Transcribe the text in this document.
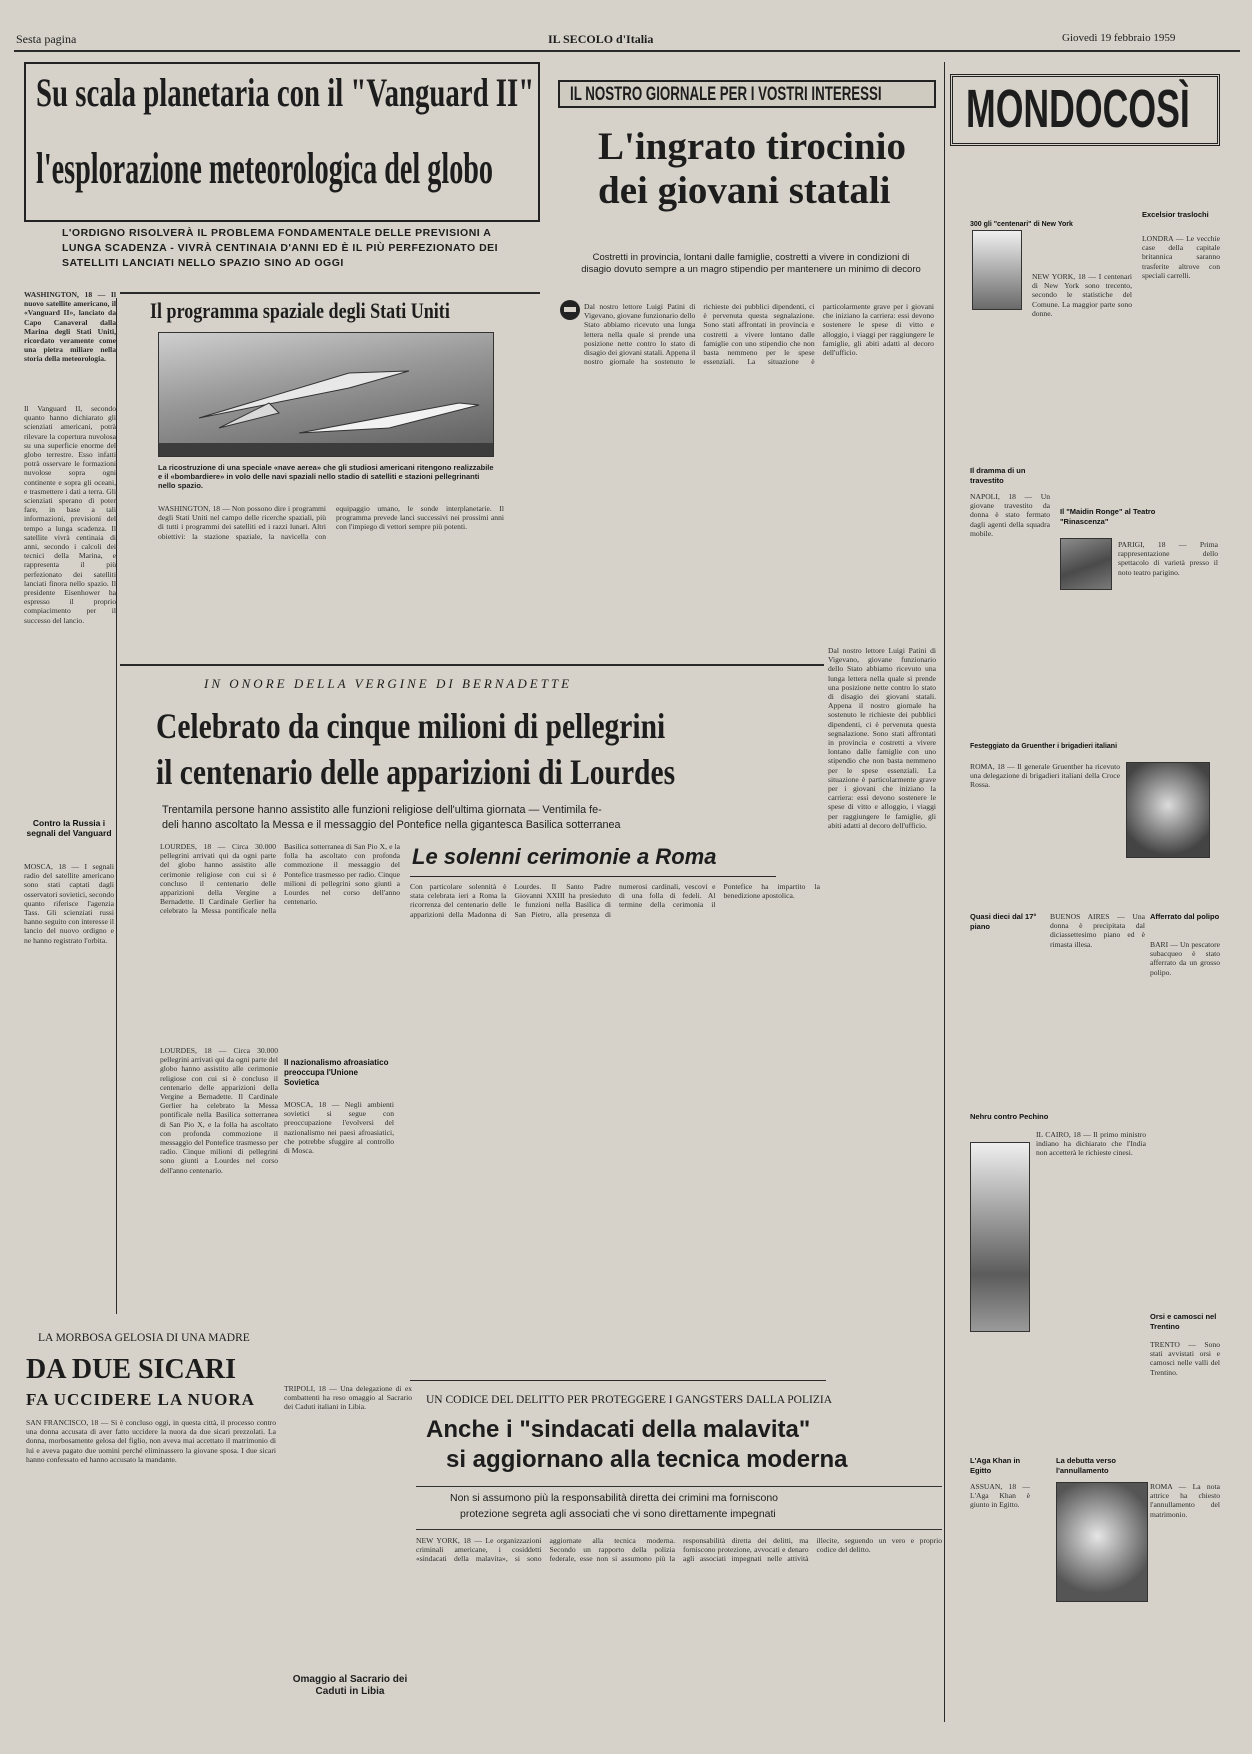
Sesta pagina	IL SECOLO d'Italia	Giovedì 19 febbraio 1959
Su scala planetaria con il "Vanguard II"
l'esplorazione meteorologica del globo
L'ORDIGNO RISOLVERÀ IL PROBLEMA FONDAMENTALE DELLE PREVISIONI A LUNGA SCADENZA - VIVRÀ CENTINAIA D'ANNI ED È IL PIÙ PERFEZIONATO DEI SATELLITI LANCIATI NELLO SPAZIO SINO AD OGGI
WASHINGTON, 18 — Il nuovo satellite americano, il «Vanguard II», lanciato da Capo Canaveral dalla Marina degli Stati Uniti, ricordato veramente come una pietra miliare nella storia della meteorologia.
Il Vanguard II, secondo quanto hanno dichiarato gli scienziati americani, potrà rilevare la copertura nuvolosa su una superficie enorme del globo terrestre. Esso infatti potrà osservare le formazioni nuvolose sopra ogni continente e sopra gli oceani, e trasmettere i dati a terra. Gli scienziati sperano di poter fare, in base a tali informazioni, previsioni del tempo a lunga scadenza. Il satellite vivrà centinaia di anni, secondo i calcoli dei tecnici della Marina, e rappresenta il più perfezionato dei satelliti lanciati finora nello spazio. Il presidente Eisenhower ha espresso il proprio compiacimento per il successo del lancio.
Il programma spaziale degli Stati Uniti
La ricostruzione di una speciale «nave aerea» che gli studiosi americani ritengono realizzabile e il «bombardiere» in volo delle navi spaziali nello stadio di satelliti e stazioni pellegrinanti nello spazio.
WASHINGTON, 18 — Non possono dire i programmi degli Stati Uniti nel campo delle ricerche spaziali, più di tutti i programmi dei satelliti ed i razzi lunari. Altri obiettivi: la stazione spaziale, la navicella con equipaggio umano, le sonde interplanetarie. Il programma prevede lanci successivi nei prossimi anni con l'impiego di vettori sempre più potenti.
Contro la Russia i segnali del Vanguard
MOSCA, 18 — I segnali radio del satellite americano sono stati captati dagli osservatori sovietici, secondo quanto riferisce l'agenzia Tass. Gli scienziati russi hanno seguito con interesse il lancio del nuovo ordigno e ne hanno registrato l'orbita.
IL NOSTRO GIORNALE PER I VOSTRI INTERESSI
L'ingrato tirocinio
dei giovani statali
Costretti in provincia, lontani dalle famiglie, costretti a vivere in condizioni di disagio dovuto sempre a un magro stipendio per mantenere un minimo di decoro
Dal nostro lettore Luigi Patini di Vigevano, giovane funzionario dello Stato abbiamo ricevuto una lunga lettera nella quale si prende una posizione nette contro lo stato di disagio dei giovani statali. Appena il nostro giornale ha sostenuto le richieste dei pubblici dipendenti, ci è pervenuta questa segnalazione. Sono stati affrontati in provincia e costretti a vivere lontano dalle famiglie con uno stipendio che non basta nemmeno per le spese essenziali. La situazione è particolarmente grave per i giovani che iniziano la carriera: essi devono sostenere le spese di vitto e alloggio, i viaggi per raggiungere le famiglie, gli abiti adatti al decoro dell'ufficio.
Dal nostro lettore Luigi Patini di Vigevano, giovane funzionario dello Stato abbiamo ricevuto una lunga lettera nella quale si prende una posizione nette contro lo stato di disagio dei giovani statali. Appena il nostro giornale ha sostenuto le richieste dei pubblici dipendenti, ci è pervenuta questa segnalazione. Sono stati affrontati in provincia e costretti a vivere lontano dalle famiglie con uno stipendio che non basta nemmeno per le spese essenziali. La situazione è particolarmente grave per i giovani che iniziano la carriera: essi devono sostenere le spese di vitto e alloggio, i viaggi per raggiungere le famiglie, gli abiti adatti al decoro dell'ufficio.
MONDOCOSÌ
300 gli "centenari" di New York
NEW YORK, 18 — I centenari di New York sono trecento, secondo le statistiche del Comune. La maggior parte sono donne.
Excelsior traslochi
LONDRA — Le vecchie case della capitale britannica saranno trasferite altrove con speciali carrelli.
Il dramma di un travestito
NAPOLI, 18 — Un giovane travestito da donna è stato fermato dagli agenti della squadra mobile.
Il "Maidin Ronge" al Teatro "Rinascenza"
PARIGI, 18 — Prima rappresentazione dello spettacolo di varietà presso il noto teatro parigino.
Festeggiato da Gruenther i brigadieri italiani
ROMA, 18 — Il generale Gruenther ha ricevuto una delegazione di brigadieri italiani della Croce Rossa.
Quasi dieci dal 17° piano
BUENOS AIRES — Una donna è precipitata dal diciassettesimo piano ed è rimasta illesa.
Afferrato dal polipo
BARI — Un pescatore subacqueo è stato afferrato da un grosso polipo.
Nehru contro Pechino
IL CAIRO, 18 — Il primo ministro indiano ha dichiarato che l'India non accetterà le richieste cinesi.
Orsi e camosci nel Trentino
TRENTO — Sono stati avvistati orsi e camosci nelle valli del Trentino.
L'Aga Khan in Egitto
ASSUAN, 18 — L'Aga Khan è giunto in Egitto.
La debutta verso l'annullamento
ROMA — La nota attrice ha chiesto l'annullamento del matrimonio.
IN ONORE DELLA VERGINE DI BERNADETTE
Celebrato da cinque milioni di pellegrini
il centenario delle apparizioni di Lourdes
Trentamila persone hanno assistito alle funzioni religiose dell'ultima giornata — Ventimila fe-
deli hanno ascoltato la Messa e il messaggio del Pontefice nella gigantesca Basilica sotterranea
LOURDES, 18 — Circa 30.000 pellegrini arrivati qui da ogni parte del globo hanno assistito alle cerimonie religiose con cui si è concluso il centenario delle apparizioni della Vergine a Bernadette. Il Cardinale Gerlier ha celebrato la Messa pontificale nella Basilica sotterranea di San Pio X, e la folla ha ascoltato con profonda commozione il messaggio del Pontefice trasmesso per radio. Cinque milioni di pellegrini sono giunti a Lourdes nel corso dell'anno centenario.
Le solenni cerimonie a Roma
Con particolare solennità è stata celebrata ieri a Roma la ricorrenza del centenario delle apparizioni della Madonna di Lourdes. Il Santo Padre Giovanni XXIII ha presieduto le funzioni nella Basilica di San Pietro, alla presenza di numerosi cardinali, vescovi e di una folla di fedeli. Al termine della cerimonia il Pontefice ha impartito la benedizione apostolica.
Il nazionalismo afroasiatico preoccupa l'Unione Sovietica
MOSCA, 18 — Negli ambienti sovietici si segue con preoccupazione l'evolversi del nazionalismo nei paesi afroasiatici, che potrebbe sfuggire al controllo di Mosca.
LOURDES, 18 — Circa 30.000 pellegrini arrivati qui da ogni parte del globo hanno assistito alle cerimonie religiose con cui si è concluso il centenario delle apparizioni della Vergine a Bernadette. Il Cardinale Gerlier ha celebrato la Messa pontificale nella Basilica sotterranea di San Pio X, e la folla ha ascoltato con profonda commozione il messaggio del Pontefice trasmesso per radio. Cinque milioni di pellegrini sono giunti a Lourdes nel corso dell'anno centenario.
LA MORBOSA GELOSIA DI UNA MADRE
DA DUE SICARI
FA UCCIDERE LA NUORA
SAN FRANCISCO, 18 — Si è concluso oggi, in questa città, il processo contro una donna accusata di aver fatto uccidere la nuora da due sicari prezzolati. La donna, morbosamente gelosa del figlio, non aveva mai accettato il matrimonio di lui e aveva pagato due uomini perché eliminassero la giovane sposa. I due sicari hanno confessato ed hanno accusato la mandante.
Omaggio al Sacrario dei Caduti in Libia
TRIPOLI, 18 — Una delegazione di ex combattenti ha reso omaggio al Sacrario dei Caduti italiani in Libia.
UN CODICE DEL DELITTO PER PROTEGGERE I GANGSTERS DALLA POLIZIA
Anche i "sindacati della malavita"
si aggiornano alla tecnica moderna
Non si assumono più la responsabilità diretta dei crimini ma forniscono
protezione segreta agli associati che vi sono direttamente impegnati
NEW YORK, 18 — Le organizzazioni criminali americane, i cosiddetti «sindacati della malavita», si sono aggiornate alla tecnica moderna. Secondo un rapporto della polizia federale, esse non si assumono più la responsabilità diretta dei delitti, ma forniscono protezione, avvocati e denaro agli associati impegnati nelle attività illecite, seguendo un vero e proprio codice del delitto.
